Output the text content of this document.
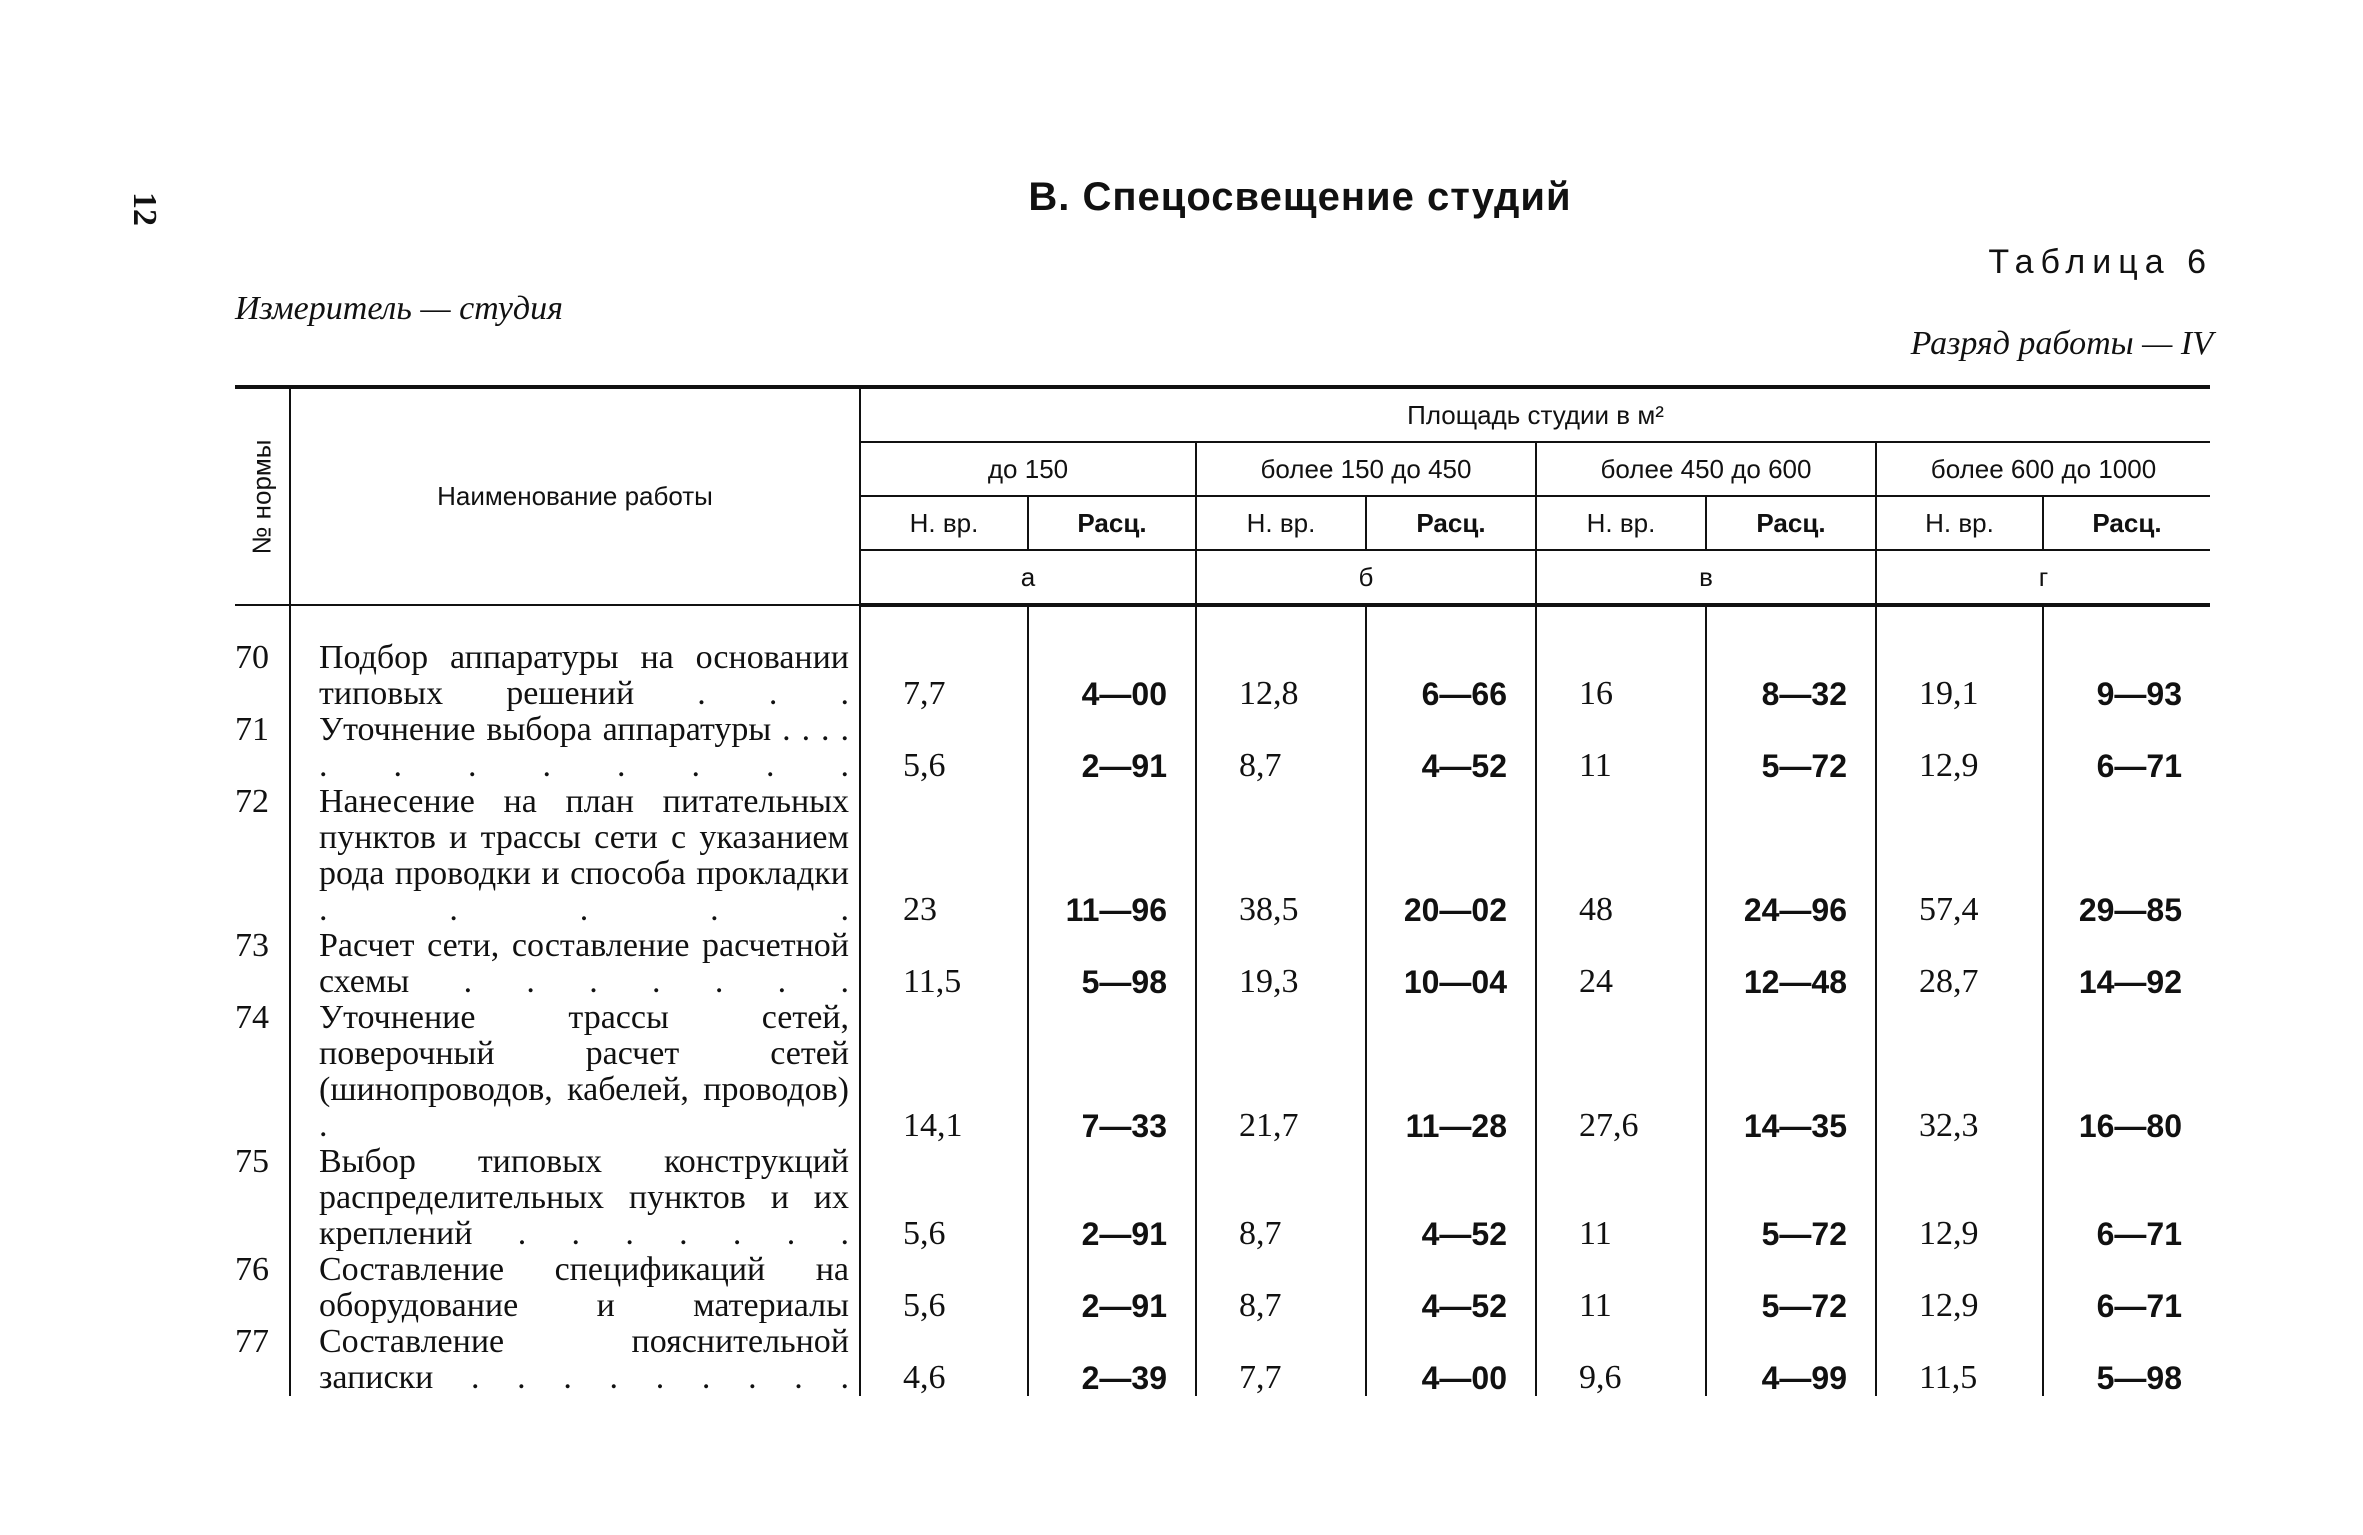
12	В. Спецосвещение студий
Таблица 6
Измеритель — студия
Разряд работы — IV
№ нормы	Наименование работы	Площадь студии в м²							
		до 150		более 150 до 450		более 450 до 600		более 600 до 1000	
		Н. вр.	Расц.	Н. вр.	Расц.	Н. вр.	Расц.	Н. вр.	Расц.
		а		б		в		г	
70	Подбор аппаратуры на основании типовых решений . . .	7,7	4—00	12,8	6—66	16	8—32	19,1	9—93
71	Уточнение выбора аппаратуры . . . . . . . . . . . .	5,6	2—91	8,7	4—52	11	5—72	12,9	6—71
72	Нанесение на план питательных пунктов и трассы сети с указанием рода проводки и способа прокладки . . . . .	23	11—96	38,5	20—02	48	24—96	57,4	29—85
73	Расчет сети, составление расчетной схемы . . . . . . .	11,5	5—98	19,3	10—04	24	12—48	28,7	14—92
74	Уточнение трассы сетей, поверочный расчет сетей (шинопроводов, кабелей, проводов) .	14,1	7—33	21,7	11—28	27,6	14—35	32,3	16—80
75	Выбор типовых конструкций распределительных пунктов и их креплений . . . . . . .	5,6	2—91	8,7	4—52	11	5—72	12,9	6—71
76	Составление спецификаций на оборудование и материалы	5,6	2—91	8,7	4—52	11	5—72	12,9	6—71
77	Составление пояснительной записки . . . . . . . . .	4,6	2—39	7,7	4—00	9,6	4—99	11,5	5—98
